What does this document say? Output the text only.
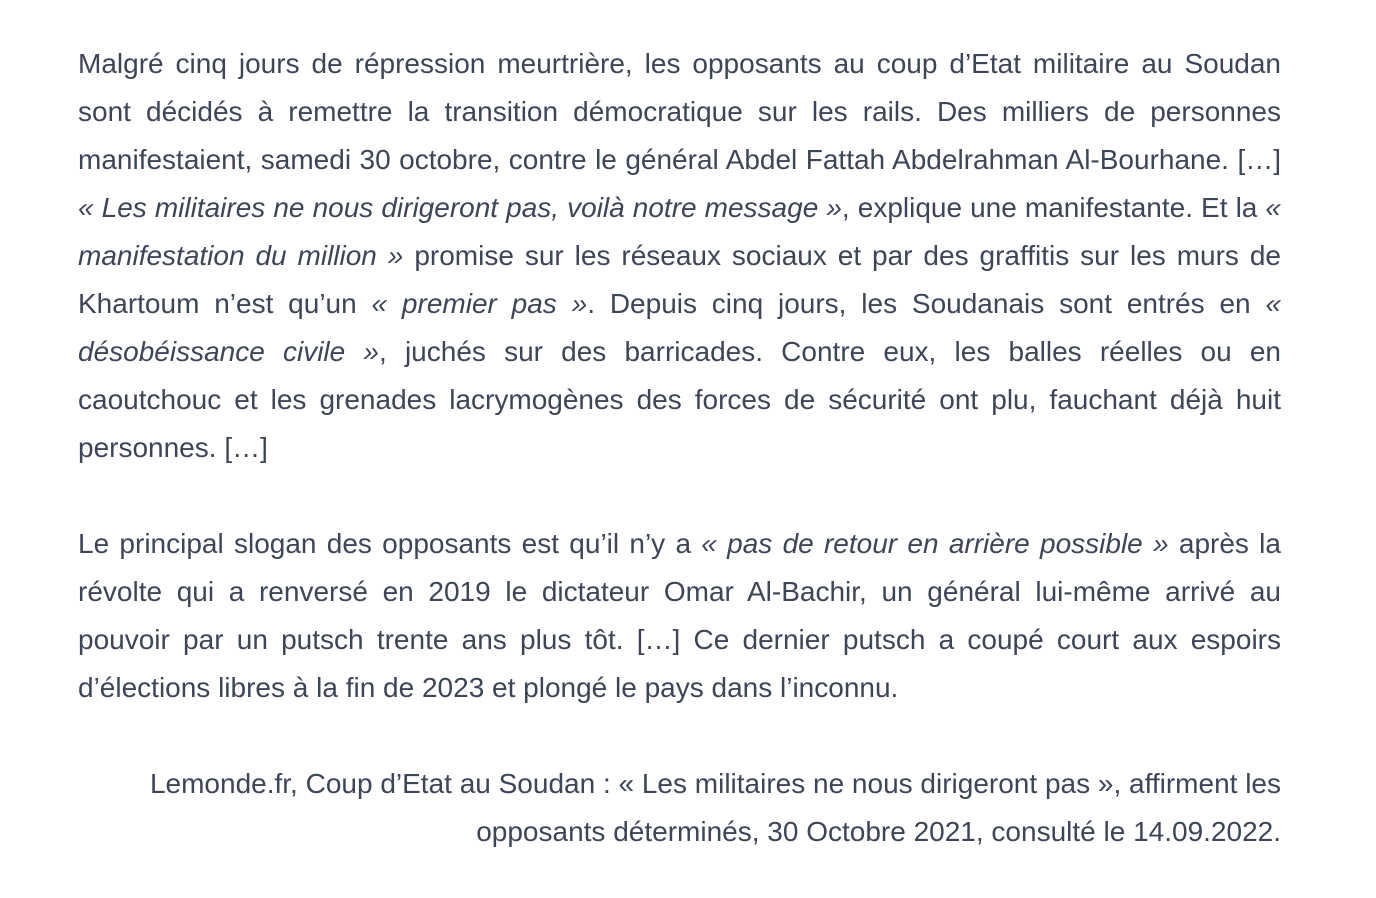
Malgré cinq jours de répression meurtrière, les opposants au coup d’Etat militaire au Soudan sont décidés à remettre la transition démocratique sur les rails. Des milliers de personnes manifestaient, samedi 30 octobre, contre le général Abdel Fattah Abdelrahman Al-Bourhane. […] « Les militaires ne nous dirigeront pas, voilà notre message », explique une manifestante. Et la « manifestation du million » promise sur les réseaux sociaux et par des graffitis sur les murs de Khartoum n’est qu’un « premier pas ». Depuis cinq jours, les Soudanais sont entrés en « désobéissance civile », juchés sur des barricades. Contre eux, les balles réelles ou en caoutchouc et les grenades lacrymogènes des forces de sécurité ont plu, fauchant déjà huit personnes. […]

Le principal slogan des opposants est qu’il n’y a « pas de retour en arrière possible » après la révolte qui a renversé en 2019 le dictateur Omar Al-Bachir, un général lui-même arrivé au pouvoir par un putsch trente ans plus tôt. […] Ce dernier putsch a coupé court aux espoirs d’élections libres à la fin de 2023 et plongé le pays dans l’inconnu.

Lemonde.fr, Coup d’Etat au Soudan : « Les militaires ne nous dirigeront pas », affirment les opposants déterminés, 30 Octobre 2021, consulté le 14.09.2022.
